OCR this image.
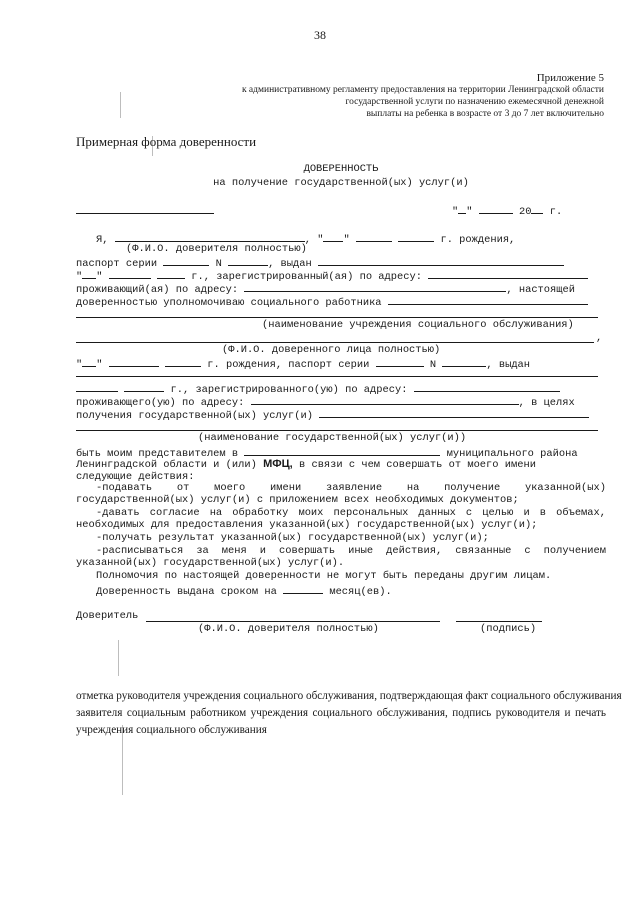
38
Приложение 5
к административному регламенту предоставления на территории Ленинградской области
государственной услуги по назначению ежемесячной денежной
выплаты на ребенка в возрасте от 3 до 7 лет включительно
Примерная форма доверенности
ДОВЕРЕННОСТЬ
на получение государственной(ых) услуг(и)
" "	20 г.
Я,	, " "	г. рождения,
(Ф.И.О. доверителя полностью)
паспорт серии	N	, выдан
" "	г., зарегистрированный(ая) по адресу:
проживающий(ая) по адресу:	, настоящей
доверенностью уполномочиваю социального работника
(наименование учреждения социального обслуживания)
,
(Ф.И.О. доверенного лица полностью)
" "	г. рождения, паспорт серии	N	, выдан
г., зарегистрированного(ую) по адресу:
проживающего(ую) по адресу:	, в целях
получения государственной(ых) услуг(и)
(наименование государственной(ых) услуг(и))
быть моим представителем в	муниципального района
Ленинградской области и (или) МФЦ, в связи с чем совершать от моего имени
следующие действия:
-подавать от моего имени заявление на получение указанной(ых)
государственной(ых) услуг(и) с приложением всех необходимых документов;
-давать согласие на обработку моих персональных данных с целью и в объемах,
необходимых для предоставления указанной(ых) государственной(ых) услуг(и);
-получать результат указанной(ых) государственной(ых) услуг(и);
-расписываться за меня и совершать иные действия, связанные с получением
указанной(ых) государственной(ых) услуг(и).
Полномочия по настоящей доверенности не могут быть переданы другим лицам.
Доверенность выдана сроком на	месяц(ев).
Доверитель
(Ф.И.О. доверителя полностью)	(подпись)
отметка руководителя учреждения социального обслуживания, подтверждающая факт социального обслуживания
заявителя социальным работником учреждения социального обслуживания, подпись руководителя и печать
учреждения социального обслуживания
